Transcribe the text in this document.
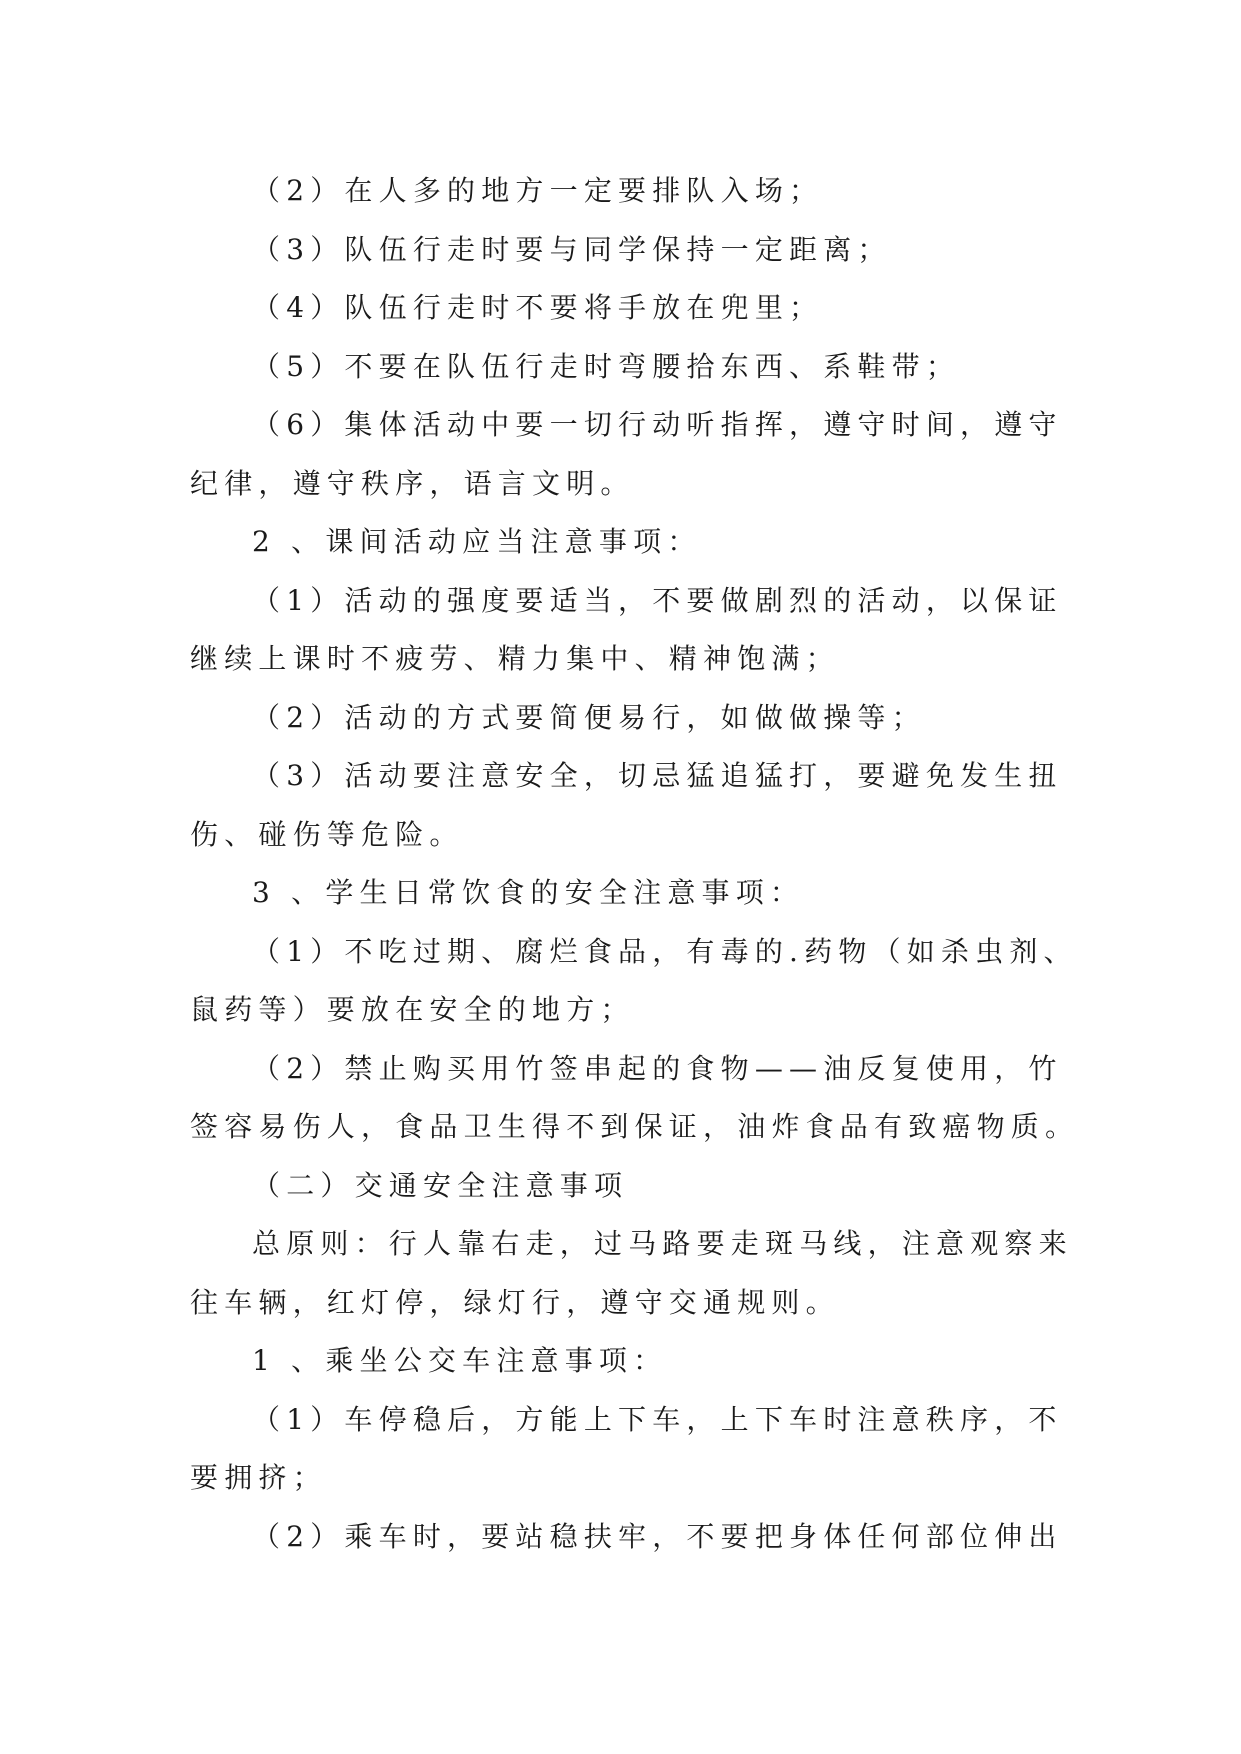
（2）在人多的地方一定要排队入场；

（3）队伍行走时要与同学保持一定距离；

（4）队伍行走时不要将手放在兜里；

（5）不要在队伍行走时弯腰拾东西、系鞋带；

（6）集体活动中要一切行动听指挥，遵守时间，遵守纪律，遵守秩序，语言文明。

2 、课间活动应当注意事项：

（1）活动的强度要适当，不要做剧烈的活动，以保证继续上课时不疲劳、精力集中、精神饱满；

（2）活动的方式要简便易行，如做做操等；

（3）活动要注意安全，切忌猛追猛打，要避免发生扭伤、碰伤等危险。

3 、学生日常饮食的安全注意事项：

（1）不吃过期、腐烂食品，有毒的.药物（如杀虫剂、鼠药等）要放在安全的地方；

（2）禁止购买用竹签串起的食物——油反复使用，竹签容易伤人，食品卫生得不到保证，油炸食品有致癌物质。

（二）交通安全注意事项

总原则：行人靠右走，过马路要走斑马线，注意观察来往车辆，红灯停，绿灯行，遵守交通规则。

1 、乘坐公交车注意事项：

（1）车停稳后，方能上下车，上下车时注意秩序，不要拥挤；

（2）乘车时，要站稳扶牢，不要把身体任何部位伸出
